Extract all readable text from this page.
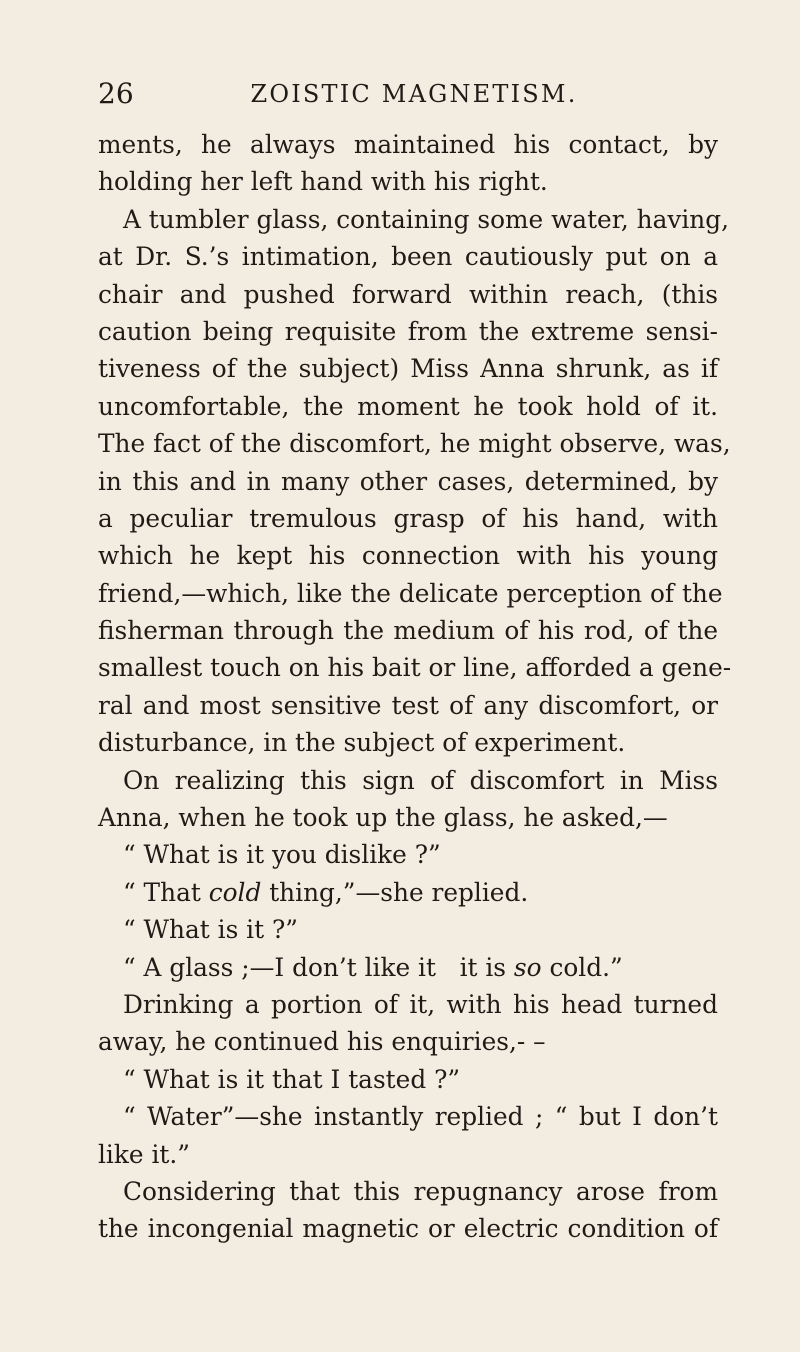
26	ZOISTIC MAGNETISM.
ments, he always maintained his contact, by
holding her left hand with his right.
A tumbler glass, containing some water, having,
at Dr. S.’s intimation, been cautiously put on a
chair and pushed forward within reach, (this
caution being requisite from the extreme sensi-
tiveness of the subject) Miss Anna shrunk, as if
uncomfortable, the moment he took hold of it.
The fact of the discomfort, he might observe, was,
in this and in many other cases, determined, by
a peculiar tremulous grasp of his hand, with
which he kept his connection with his young
friend,—which, like the delicate perception of the
fisherman through the medium of his rod, of the
smallest touch on his bait or line, afforded a gene-
ral and most sensitive test of any discomfort, or
disturbance, in the subject of experiment.
On realizing this sign of discomfort in Miss
Anna, when he took up the glass, he asked,—
“ What is it you dislike ?”
“ That cold thing,”—she replied.
“ What is it ?”
“ A glass ;—I don’t like it   it is so cold.”
Drinking a portion of it, with his head turned
away, he continued his enquiries,- –
“ What is it that I tasted ?”
“ Water”—she instantly replied ; “ but I don’t
like it.”
Considering that this repugnancy arose from
the incongenial magnetic or electric condition of
